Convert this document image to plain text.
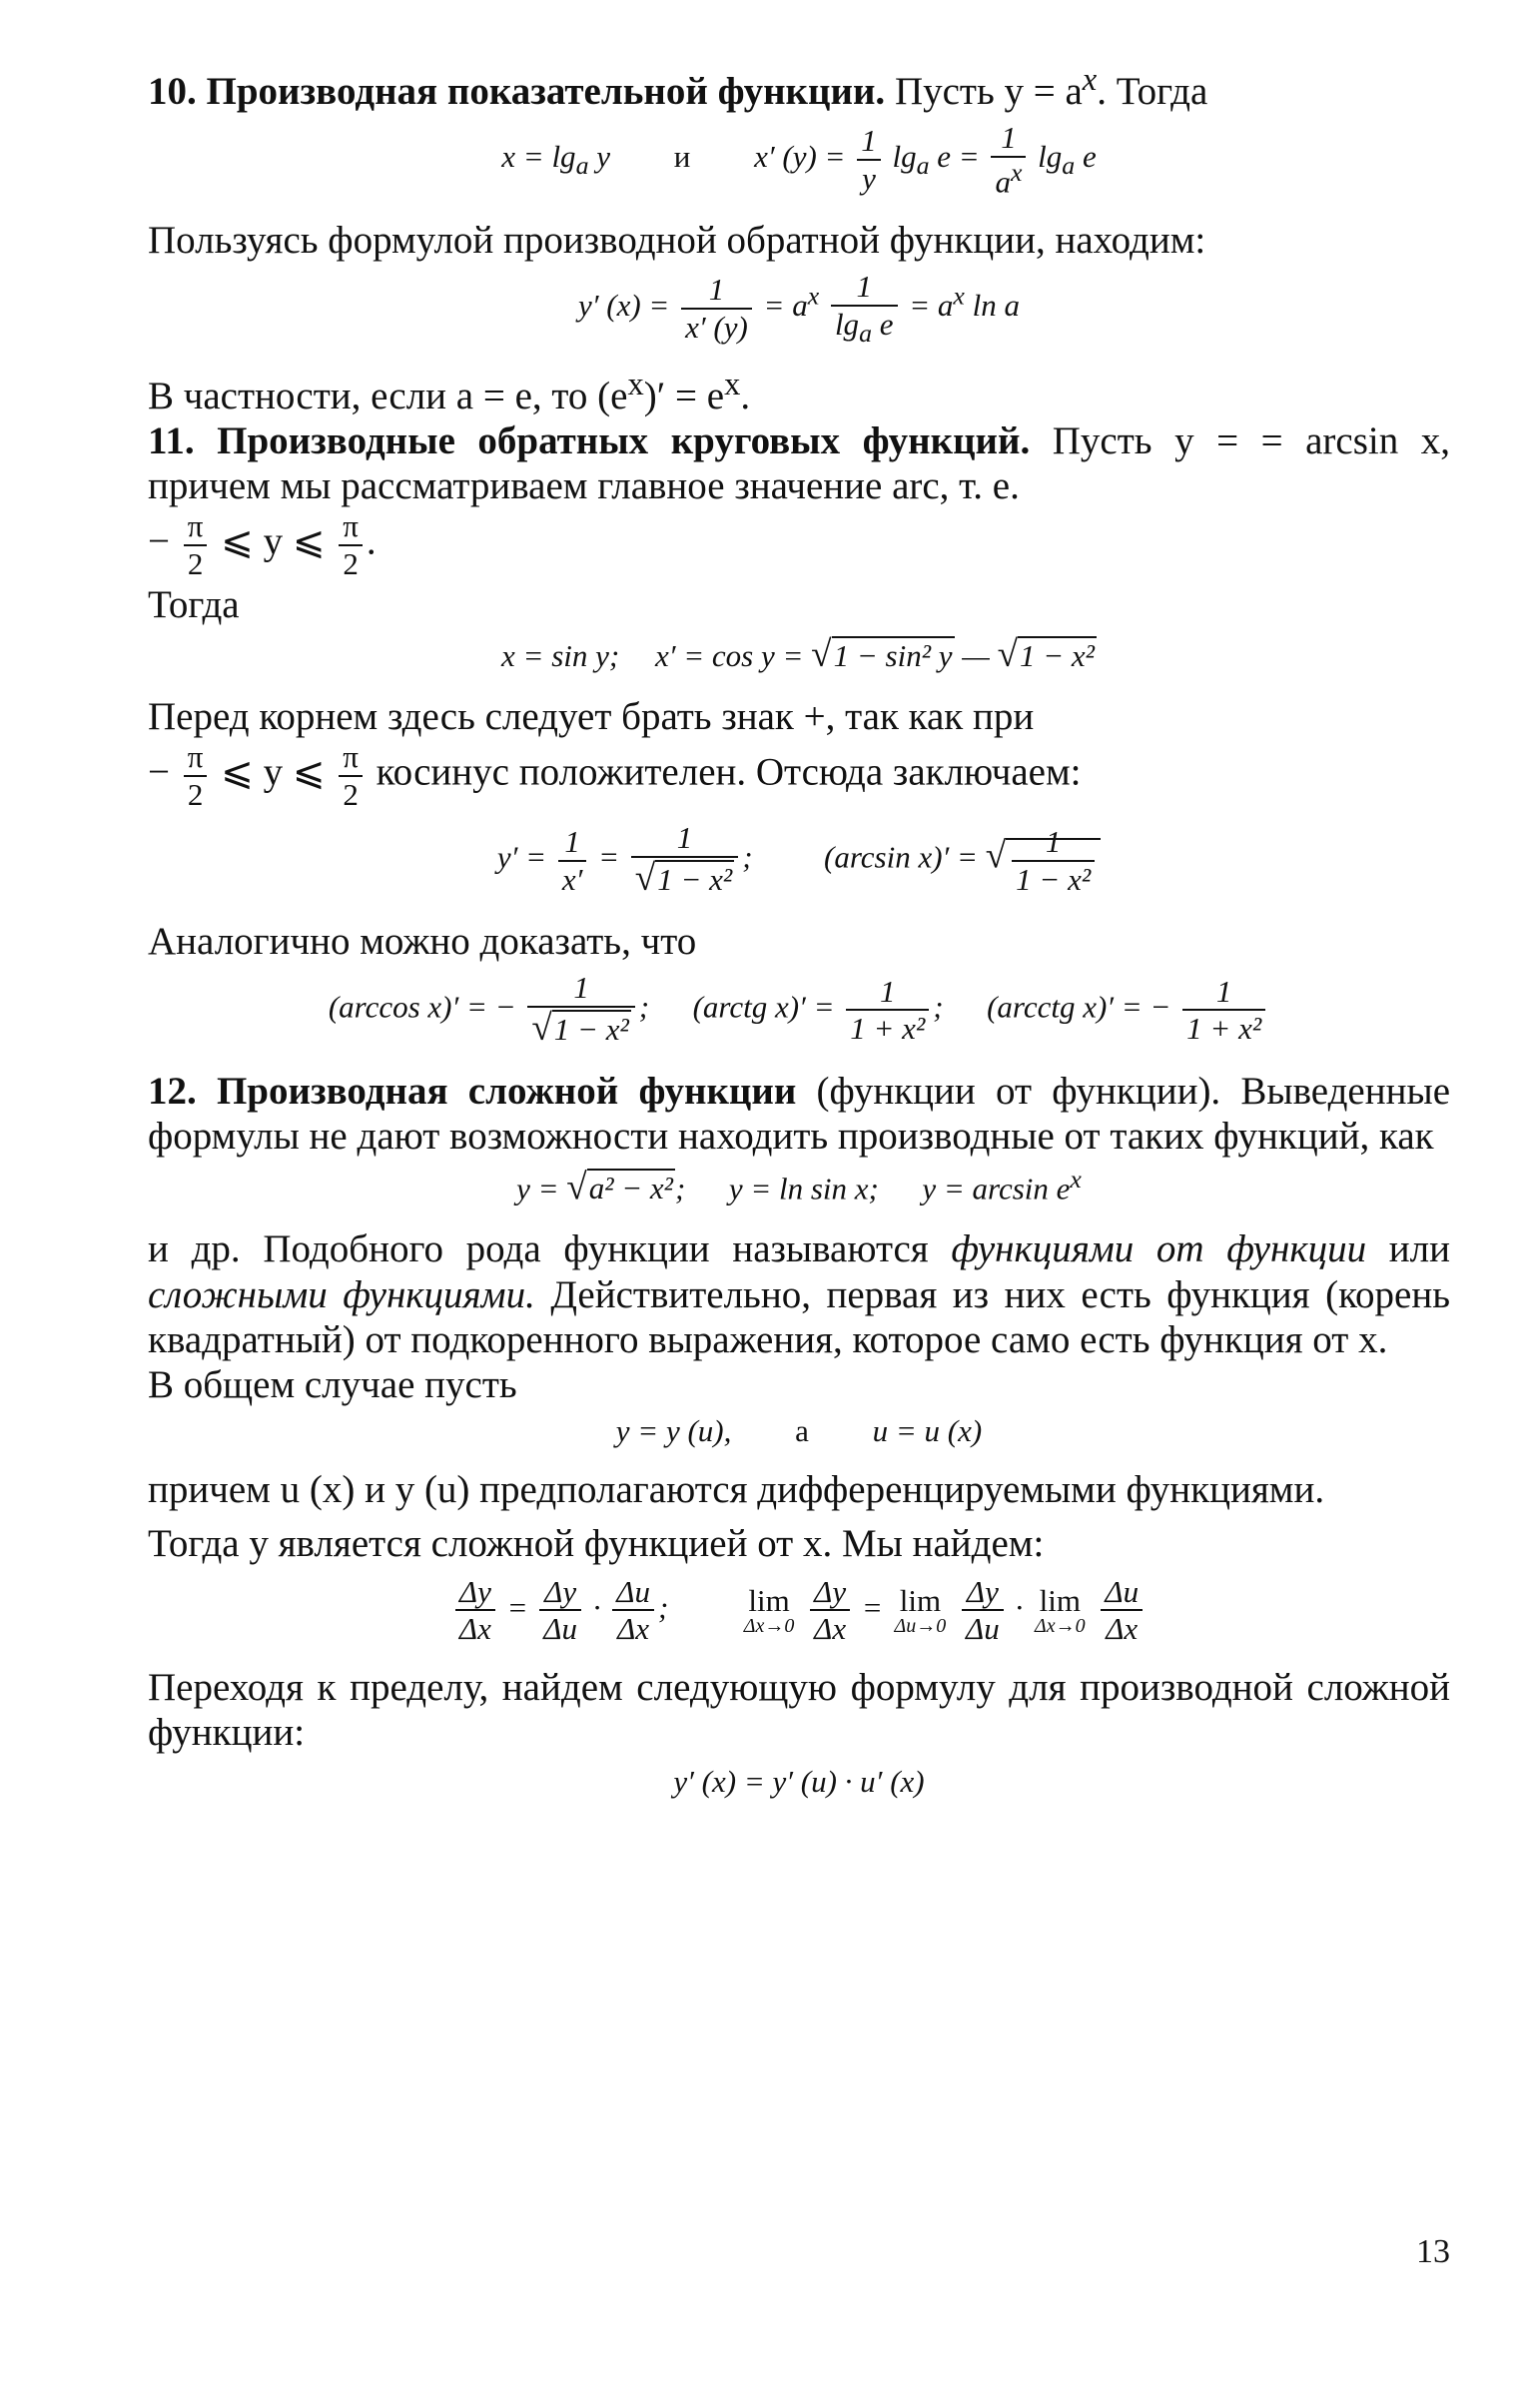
10. Производная показательной функции. Пусть $y = a^x$. Тогда

$x = \lg_a y$ и x′ $(y) = \frac{1}{y} \lg_a e = \frac{1}{a^x} \lg_a e$

Пользуясь формулой производной обратной функции, находим:

y′ $(x) = \frac{1}{x' (y)} = a^x \frac{1}{\lg_a e} = a^x$ ln a

В частности, если a = e, то $(e^x)' = e^x$.

11. Производные обратных круговых функций. Пусть y = = arcsin x, причем мы рассматриваем главное значение arc, т. е.

− $\frac{\pi}{2}$ ⩽ y ⩽ $\frac{\pi}{2}$ .

Тогда

x = sin y; x′ = cos y = √1 − sin² y — √1 − x²

Перед корнем здесь следует брать знак +, так как при

− $\frac{\pi}{2}$ ⩽ y ⩽ $\frac{\pi}{2}$ косинус положителен. Отсюда заключаем:

$y' = \frac{1}{x'} = \frac{1}{\text{√1 − x²}}$ ; (arcsin x)′ = √ $\frac{1}{\text{1 − x²}}$

Аналогично можно доказать, что

(arccos x)′ = − $\frac{1}{\text{√1 − x²}}$ ; (arctg $x)' = \frac{1}{\text{1 + x²}}$ ; (arcctg x)′ = − $\frac{1}{\text{1 + x²}}$

12. Производная сложной функции (функции от функции). Выведенные формулы не дают возможности находить производные от таких функций, как

y = √a² − x²; y = ln sin x; $y = \arcsin e^x$

и др. Подобного рода функции называются функциями от функции или сложными функциями. Действительно, первая из них есть функция (корень квадратный) от подкоренного выражения, которое само есть функция от x.

В общем случае пусть

y = y (u), а u = u (x)

причем u (x) и y (u) предполагаются дифференцируемыми функциями.

Тогда y является сложной функцией от x. Мы найдем:

$\frac{\Delta y}{\Delta x} = \frac{\Delta y}{\Delta u} \cdot \frac{\Delta u}{\Delta x}$ ;	lim
Δx→0
$\frac{\Delta y}{\Delta x} = \lim$
Δu→0
$\frac{\Delta y}{\Delta u} \cdot \lim$
Δx→0
$\frac{\Delta u}{\Delta x}$

Переходя к пределу, найдем следующую формулу для производной сложной функции:

y′ (x) = y′ (u) · u′ (x)
13
